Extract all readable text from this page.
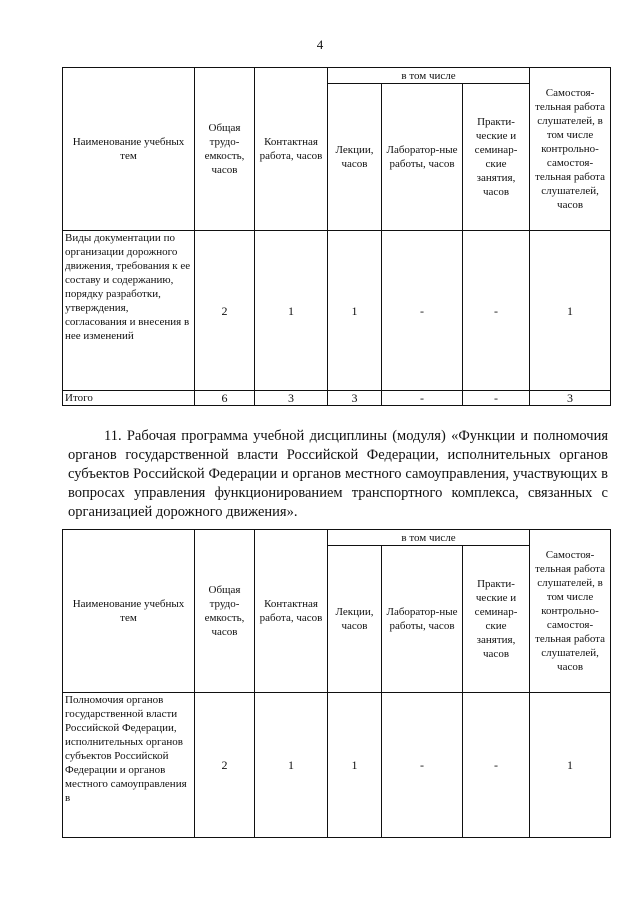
4
Наименование учебных тем	Общая трудо-емкость, часов	Контактная работа, часов	в том числе			Самостоя-тельная работа слушателей, в том числе контрольно-самостоя-тельная работа слушателей, часов
			Лекции, часов	Лаборатор-ные работы, часов	Практи-ческие и семинар-ские занятия, часов	
Виды документации по организации дорожного движения, требования к ее составу и содержанию, порядку разработки, утверждения, согласования и внесения в нее изменений	2	1	1	-	-	1
Итого	6	3	3	-	-	3

11. Рабочая программа учебной дисциплины (модуля) «Функции и полномочия органов государственной власти Российской Федерации, исполнительных органов субъектов Российской Федерации и органов местного самоуправления, участвующих в вопросах управления функционированием транспортного комплекса, связанных с организацией дорожного движения».

Наименование учебных тем	Общая трудо-емкость, часов	Контактная работа, часов	в том числе			Самостоя-тельная работа слушателей, в том числе контрольно-самостоя-тельная работа слушателей, часов
			Лекции, часов	Лаборатор-ные работы, часов	Практи-ческие и семинар-ские занятия, часов	
Полномочия органов государственной власти Российской Федерации, исполнительных органов субъектов Российской Федерации и органов местного самоуправления в	2	1	1	-	-	1
